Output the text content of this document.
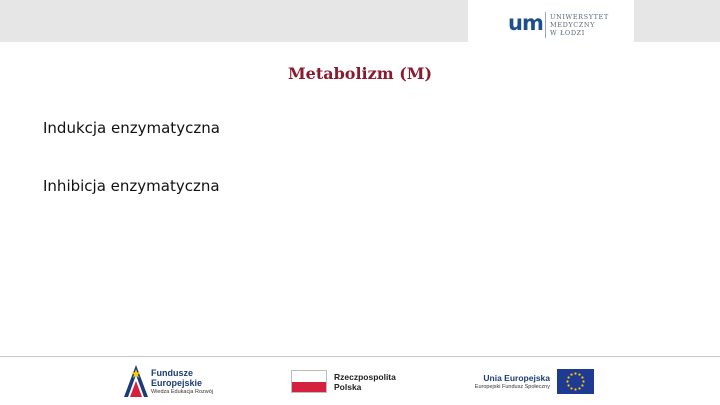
um UNIWERSYTET
MEDYCZNY
W ŁODZI
Metabolizm (M)

Indukcja enzymatyczna

Inhibicja enzymatyczna

Fundusze
Europejskie
Wiedza Edukacja Rozwój
Rzeczpospolita
Polska
Unia Europejska
Europejski Fundusz Społeczny
